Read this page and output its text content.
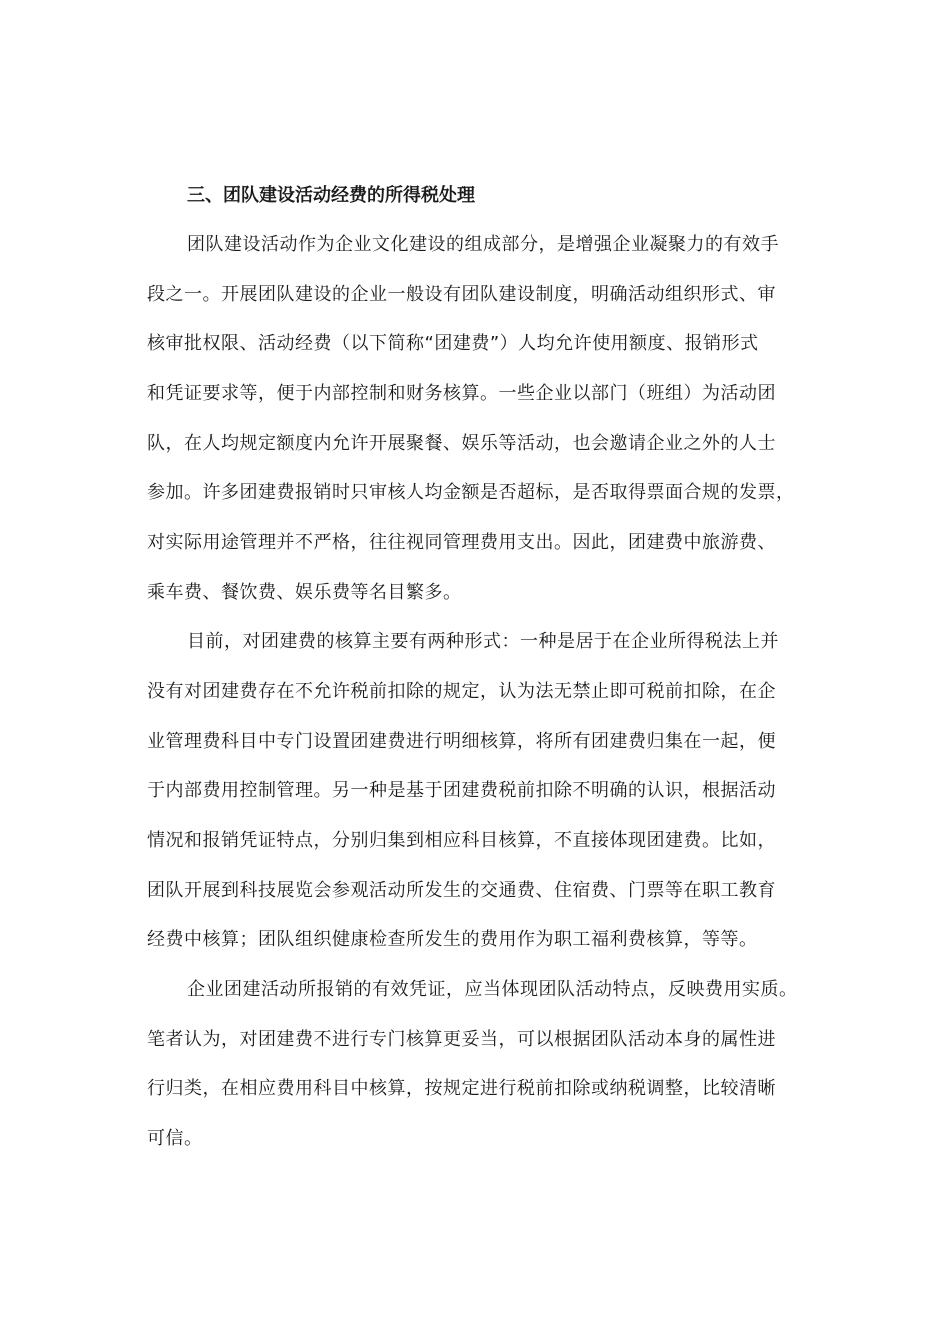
三、团队建设活动经费的所得税处理
团队建设活动作为企业文化建设的组成部分，是增强企业凝聚力的有效手
段之一。开展团队建设的企业一般设有团队建设制度，明确活动组织形式、审
核审批权限、活动经费（以下简称“团建费”）人均允许使用额度、报销形式
和凭证要求等，便于内部控制和财务核算。一些企业以部门（班组）为活动团
队，在人均规定额度内允许开展聚餐、娱乐等活动，也会邀请企业之外的人士
参加。许多团建费报销时只审核人均金额是否超标，是否取得票面合规的发票，
对实际用途管理并不严格，往往视同管理费用支出。因此，团建费中旅游费、
乘车费、餐饮费、娱乐费等名目繁多。
目前，对团建费的核算主要有两种形式：一种是居于在企业所得税法上并
没有对团建费存在不允许税前扣除的规定，认为法无禁止即可税前扣除，在企
业管理费科目中专门设置团建费进行明细核算，将所有团建费归集在一起，便
于内部费用控制管理。另一种是基于团建费税前扣除不明确的认识，根据活动
情况和报销凭证特点，分别归集到相应科目核算，不直接体现团建费。比如，
团队开展到科技展览会参观活动所发生的交通费、住宿费、门票等在职工教育
经费中核算；团队组织健康检查所发生的费用作为职工福利费核算，等等。
企业团建活动所报销的有效凭证，应当体现团队活动特点，反映费用实质。
笔者认为，对团建费不进行专门核算更妥当，可以根据团队活动本身的属性进
行归类，在相应费用科目中核算，按规定进行税前扣除或纳税调整，比较清晰
可信。
